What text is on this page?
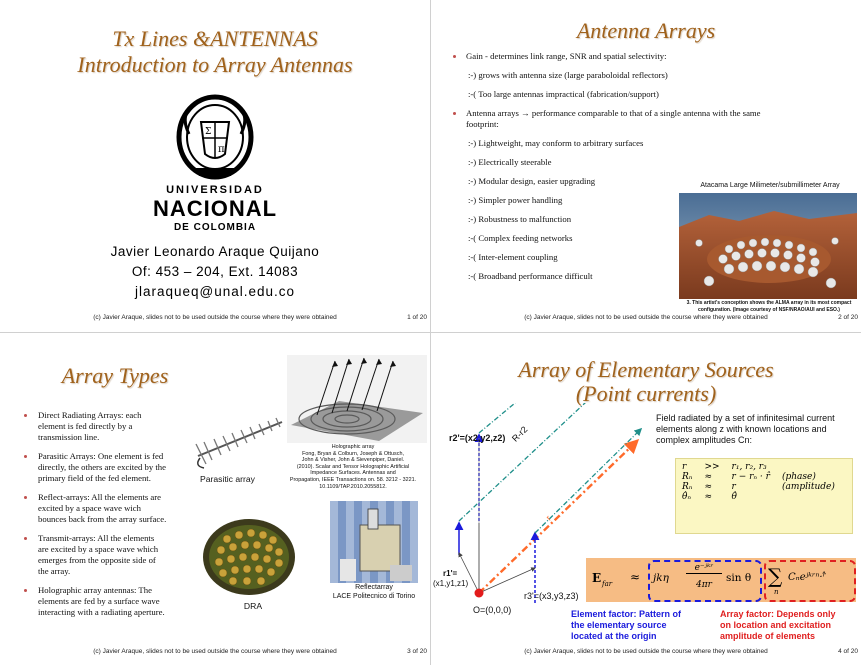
Tx Lines &ANTENNAS
Introduction to Array Antennas
Σ
π
UNIVERSIDAD
NACIONAL
DE COLOMBIA
Javier Leonardo Araque Quijano
Of: 453 – 204, Ext. 14083
jlaraqueq@unal.edu.co
(c) Javier Araque, slides not to be used outside the course where they were obtained	1 of 20
Antenna Arrays
Gain - determines link range, SNR and spatial selectivity:
:-) grows with antenna size (large paraboloidal reflectors)
:-( Too large antennas impractical (fabrication/support)
Antenna arrays → performance comparable to that of a single antenna with the same
footprint:
:-) Lightweight, may conform to arbitrary surfaces
:-) Electrically steerable
:-) Modular design, easier upgrading
:-) Simpler power handling
:-) Robustness to malfunction
:-( Complex feeding networks
:-( Inter-element coupling
:-( Broadband performance difficult
Atacama Large Milimeter/submillimeter Array
3. This artist's conception shows the ALMA array in its most compact
configuration. (Image courtesy of NSF/NRAO/AUI and ESO.)
(c) Javier Araque, slides not to be used outside the course where they were obtained	2 of 20
Array Types
Direct Radiating Arrays: each
element is fed directly by a
transmission line.
Parasitic Arrays: One element is fed
directly, the others are excited by the
primary field of the fed element.
Reflect-arrays: All the elements are
excited by a space wave wich
bounces back from the array surface.
Transmit-arrays: All the elements
are excited by a space wave which
emerges from the opposite side of
the array.
Holographic array antennas: The
elements are fed by a surface wave
interacting with a radiating aperture.
Holographic array
Fong, Bryan & Colburn, Joseph & Ottusch,
John & Visher, John & Sievenpiper, Daniel.
(2010). Scalar and Tensor Holographic Artificial
Impedance Surfaces. Antennas and
Propagation, IEEE Transactions on. 58. 3212 - 3221.
10.1109/TAP.2010.2055812.
Parasitic array
DRA
Reflectarray
LACE Politecnico di Torino
(c) Javier Araque, slides not to be used outside the course where they were obtained	3 of 20
Array of Elementary Sources
(Point currents)
Field radiated by a set of infinitesimal current
elements along z with known locations and
complex amplitudes Cn:
r2'=(x2,y2,z2) R-r2
r
r1'=
(x1,y1,z1)
r3'=(x3,y3,z3)
O=(0,0,0)
r	>>	r₁, r₂, r₃	
Rₙ	≈	r − rₙ · r̂	(phase)
Rₙ	≈	r	(amplitude)
θ̂ₙ	≈	θ̂	
E far ≈ jkη
e⁻ʲᵏʳ
4πr
sin θ ∑
n
Cₙeʲᵏʳⁿ·ʳ̂
Element factor: Pattern of
the elementary source
located at the origin
Array factor: Depends only
on location and excitation
amplitude of elements
(c) Javier Araque, slides not to be used outside the course where they were obtained	4 of 20
